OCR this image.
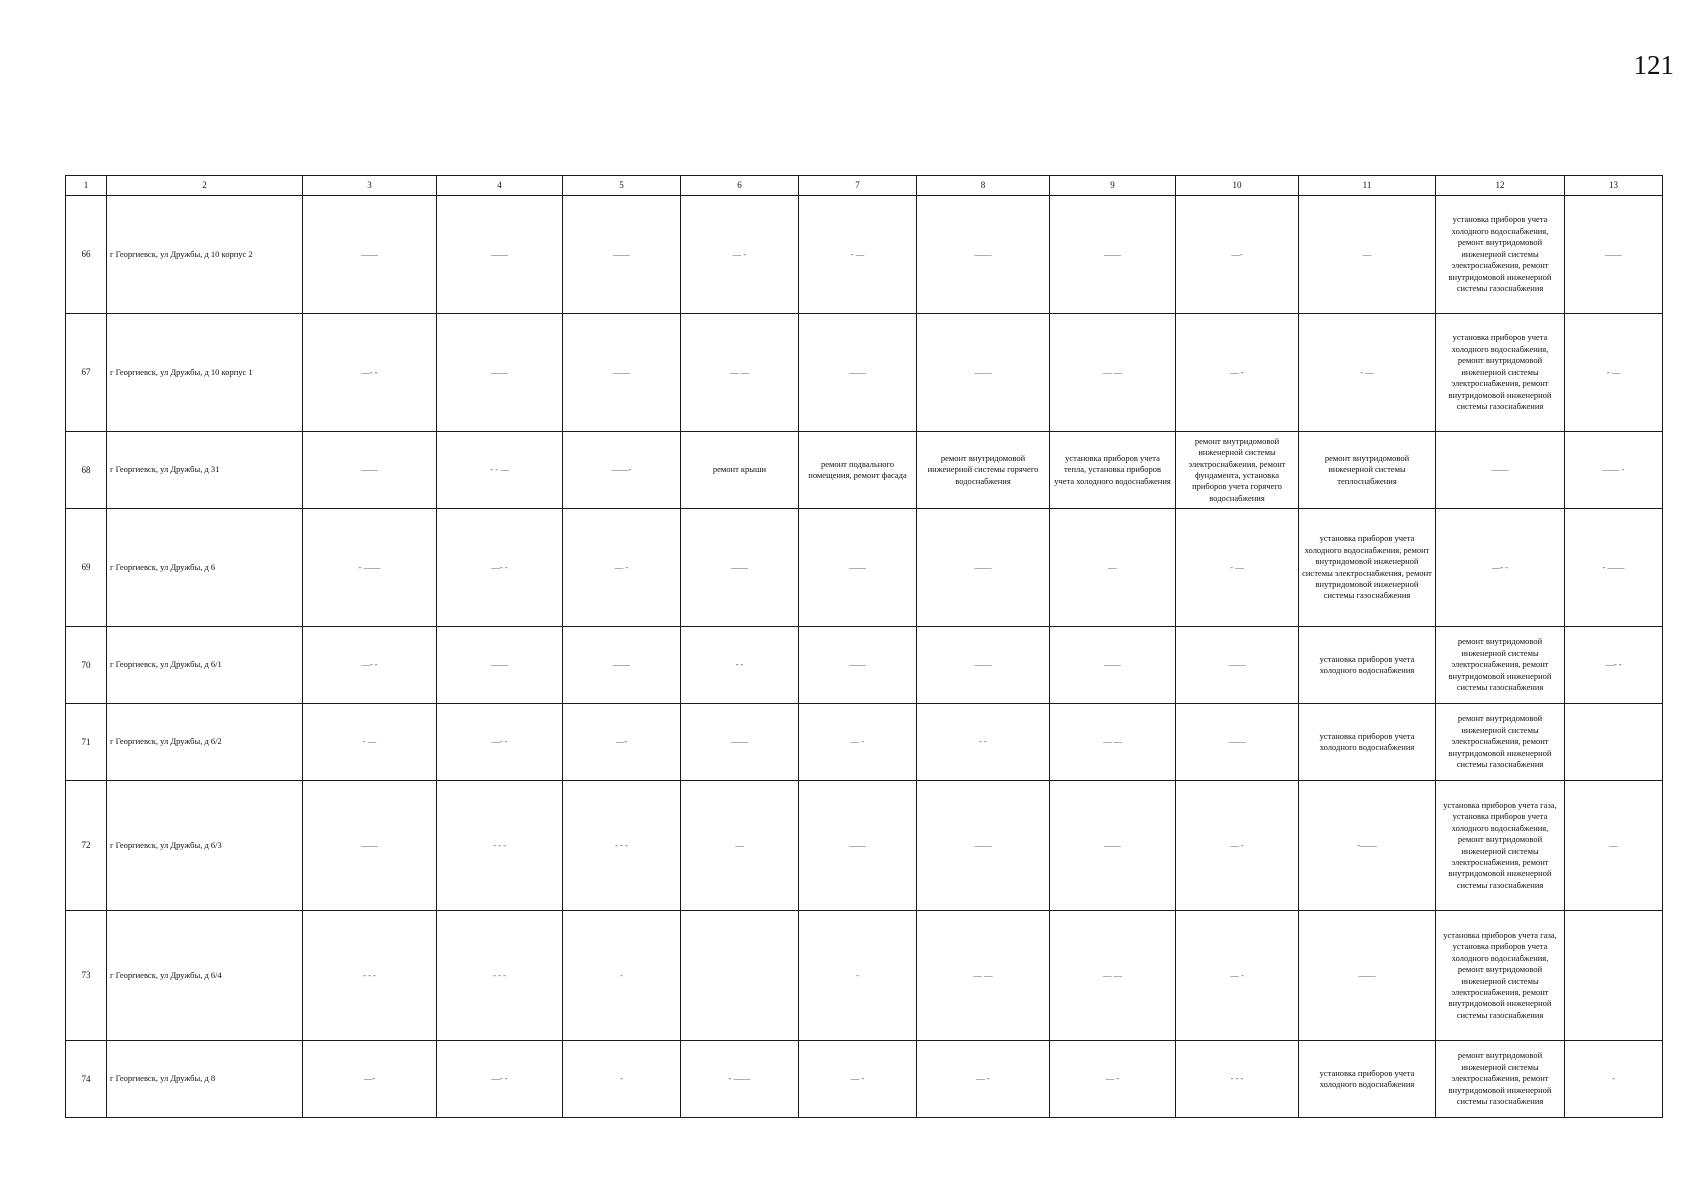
121
1	2	3	4	5	6	7	8	9	10	11	12	13
66	г Георгиевск, ул Дружбы, д 10 корпус 2	——	——	——	— -	- —	——	——	—-	—	установка приборов учета холодного водоснабжения, ремонт внутридомовой инженерной системы электроснабжения, ремонт внутридомовой инженерной системы газоснабжения	——
67	г Георгиевск, ул Дружбы, д 10 корпус 1	—- -	——	——	— —	——	——	— —	— -	- —	установка приборов учета холодного водоснабжения, ремонт внутридомовой инженерной системы электроснабжения, ремонт внутридомовой инженерной системы газоснабжения	- —
68	г Георгиевск, ул Дружбы, д 31	——	- - —	——-	ремонт крыши	ремонт подвального помещения, ремонт фасада	ремонт внутридомовой инженерной системы горячего водоснабжения	установка приборов учета тепла, установка приборов учета холодного водоснабжения	ремонт внутридомовой инженерной системы электроснабжения, ремонт фундамента, установка приборов учета горячего водоснабжения	ремонт внутридомовой инженерной системы теплоснабжения	——	—— -
69	г Георгиевск, ул Дружбы, д 6	- ——	—- -	— -	——	——	——	—	- —	установка приборов учета холодного водоснабжения, ремонт внутридомовой инженерной системы электроснабжения, ремонт внутридомовой инженерной системы газоснабжения	—- -	- ——
70	г Георгиевск, ул Дружбы, д 6/1	—- -	——	——	- -	——	——	——	——	установка приборов учета холодного водоснабжения	ремонт внутридомовой инженерной системы электроснабжения, ремонт внутридомовой инженерной системы газоснабжения	—- -
71	г Георгиевск, ул Дружбы, д 6/2	- —	—- -	—-	——	— -	- -	— —	——	установка приборов учета холодного водоснабжения	ремонт внутридомовой инженерной системы электроснабжения, ремонт внутридомовой инженерной системы газоснабжения	
72	г Георгиевск, ул Дружбы, д 6/3	——	- - -	- - -	—	——	——	——	— -	-——	установка приборов учета газа, установка приборов учета холодного водоснабжения, ремонт внутридомовой инженерной системы электроснабжения, ремонт внутридомовой инженерной системы газоснабжения	—
73	г Георгиевск, ул Дружбы, д 6/4	- - -	- - -	-		-	— —	— —	— -	——	установка приборов учета газа, установка приборов учета холодного водоснабжения, ремонт внутридомовой инженерной системы электроснабжения, ремонт внутридомовой инженерной системы газоснабжения	
74	г Георгиевск, ул Дружбы, д 8	—-	—- -	-	- ——	— -	— -	— -	- - -	установка приборов учета холодного водоснабжения	ремонт внутридомовой инженерной системы электроснабжения, ремонт внутридомовой инженерной системы газоснабжения	-
